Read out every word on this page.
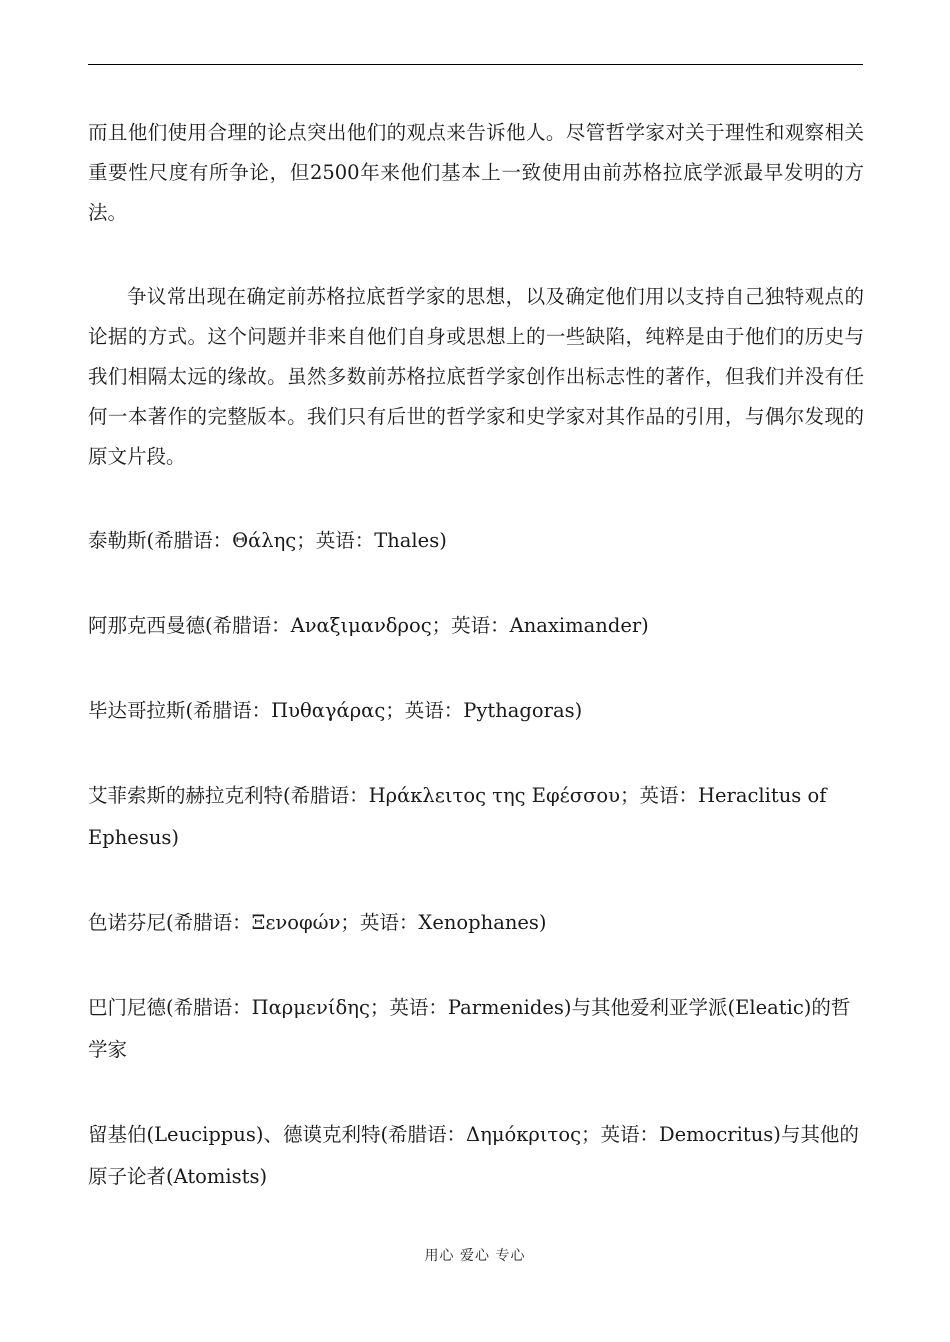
而且他们使用合理的论点突出他们的观点来告诉他人。尽管哲学家对关于理性和观察相关重要性尺度有所争论，但2500年来他们基本上一致使用由前苏格拉底学派最早发明的方法。

争议常出现在确定前苏格拉底哲学家的思想，以及确定他们用以支持自己独特观点的论据的方式。这个问题并非来自他们自身或思想上的一些缺陷，纯粹是由于他们的历史与我们相隔太远的缘故。虽然多数前苏格拉底哲学家创作出标志性的著作，但我们并没有任何一本著作的完整版本。我们只有后世的哲学家和史学家对其作品的引用，与偶尔发现的原文片段。

泰勒斯(希腊语：Θάλης；英语：Thales)

阿那克西曼德(希腊语：Αναξιμανδρος；英语：Anaximander)

毕达哥拉斯(希腊语：Πυθαγάρας；英语：Pythagoras)

艾菲索斯的赫拉克利特(希腊语：Ηράκλειτος της Εφέσσου；英语：Heraclitus of Ephesus)

色诺芬尼(希腊语：Ξενοφών；英语：Xenophanes)

巴门尼德(希腊语：Παρμενίδης；英语：Parmenides)与其他爱利亚学派(Eleatic)的哲学家

留基伯(Leucippus)、德谟克利特(希腊语：Δημόκριτος；英语：Democritus)与其他的原子论者(Atomists)

用心 爱心 专心
